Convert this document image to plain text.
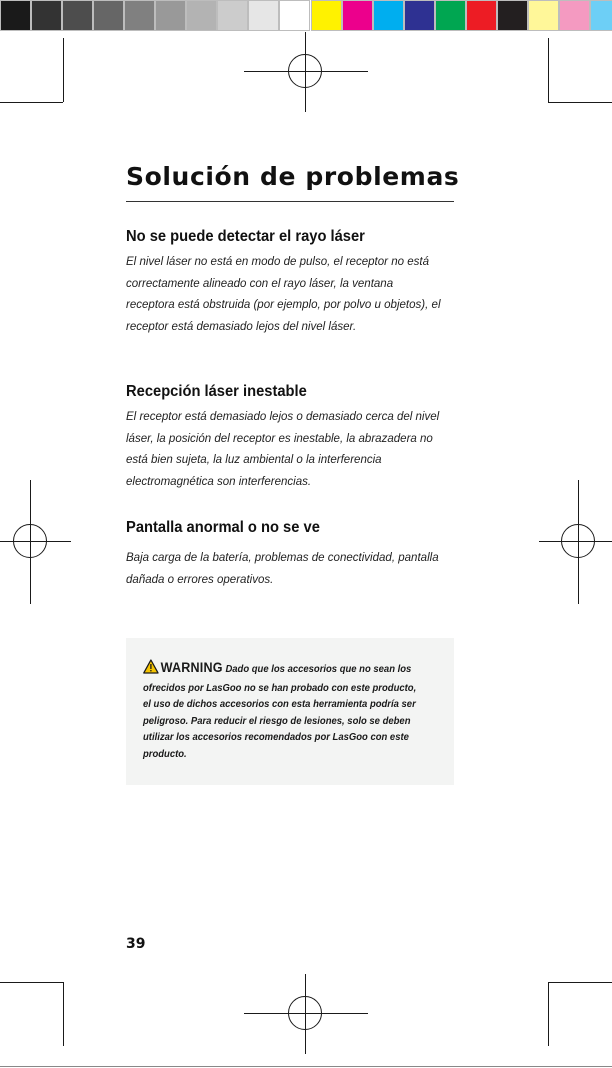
Solución de problemas
No se puede detectar el rayo láser

El nivel láser no está en modo de pulso, el receptor no está correctamente alineado con el rayo láser, la ventana receptora está obstruida (por ejemplo, por polvo u objetos), el receptor está demasiado lejos del nivel láser.

Recepción láser inestable

El receptor está demasiado lejos o demasiado cerca del nivel láser, la posición del receptor es inestable, la abrazadera no está bien sujeta, la luz ambiental o la interferencia electromagnética son interferencias.

Pantalla anormal o no se ve

Baja carga de la batería, problemas de conectividad, pantalla dañada o errores operativos.

WARNING Dado que los accesorios que no sean los ofrecidos por LasGoo no se han probado con este producto, el uso de dichos accesorios con esta herramienta podría ser peligroso. Para reducir el riesgo de lesiones, solo se deben utilizar los accesorios recomendados por LasGoo con este producto.

39
